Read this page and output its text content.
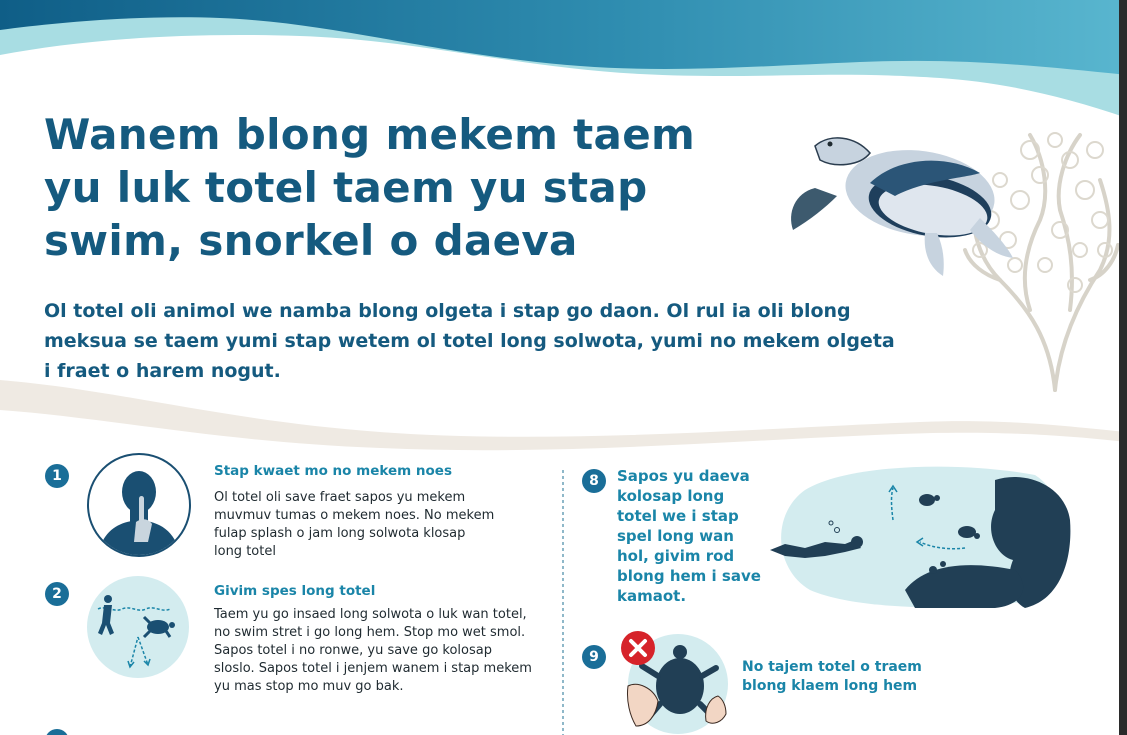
Wanem blong mekem taem
yu luk totel taem yu stap
swim, snorkel o daeva
Ol totel oli animol we namba blong olgeta i stap go daon. Ol rul ia oli blong
meksua se taem yumi stap wetem ol totel long solwota, yumi no mekem olgeta
i fraet o harem nogut.
1	Stap kwaet mo no mekem noes
Ol totel oli save fraet sapos yu mekem
muvmuv tumas o mekem noes. No mekem
fulap splash o jam long solwota klosap
long totel
2	Givim spes long totel
Taem yu go insaed long solwota o luk wan totel,
no swim stret i go long hem. Stop mo wet smol.
Sapos totel i no ronwe, yu save go kolosap
sloslo. Sapos totel i jenjem wanem i stap mekem
yu mas stop mo muv go bak.
8	Sapos yu daeva
kolosap long
totel we i stap
spel long wan
hol, givim rod
blong hem i save
kamaot.
9
No tajem totel o traem
blong klaem long hem
